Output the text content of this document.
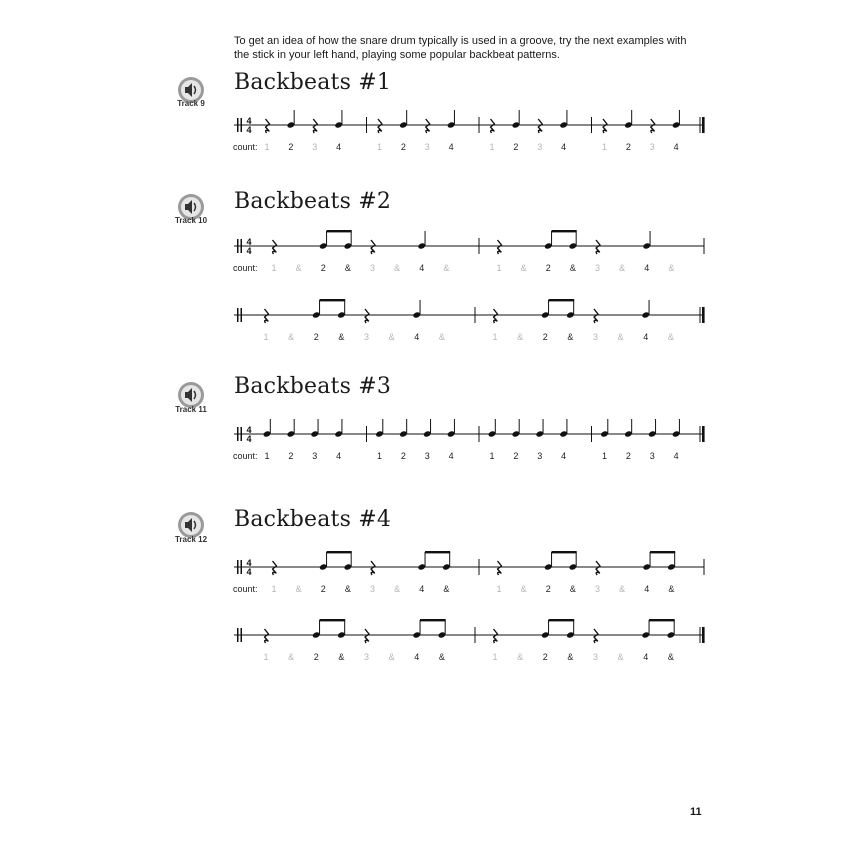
To get an idea of how the snare drum typically is used in a groove, try the next examples with the stick in your left hand, playing some popular backbeat patterns.
Backbeats #1
Backbeats #2
Backbeats #3
Backbeats #4
Track 9
Track 10
Track 11
Track 12
4
4
1 2 3 4	1 2 3 4	1 2 3 4	1 2 3 4
count:
4
4
1 & 2 & 3 & 4 &	1 & 2 & 3 & 4 &
count:
1 & 2 & 3 & 4 &	1 & 2 & 3 & 4 &
4
4
1 2 3 4	1 2 3 4	1 2 3 4	1 2 3 4
count:
4
4
1 & 2 & 3 & 4 &	1 & 2 & 3 & 4 &
count:
1 & 2 & 3 & 4 &	1 & 2 & 3 & 4 &
11
